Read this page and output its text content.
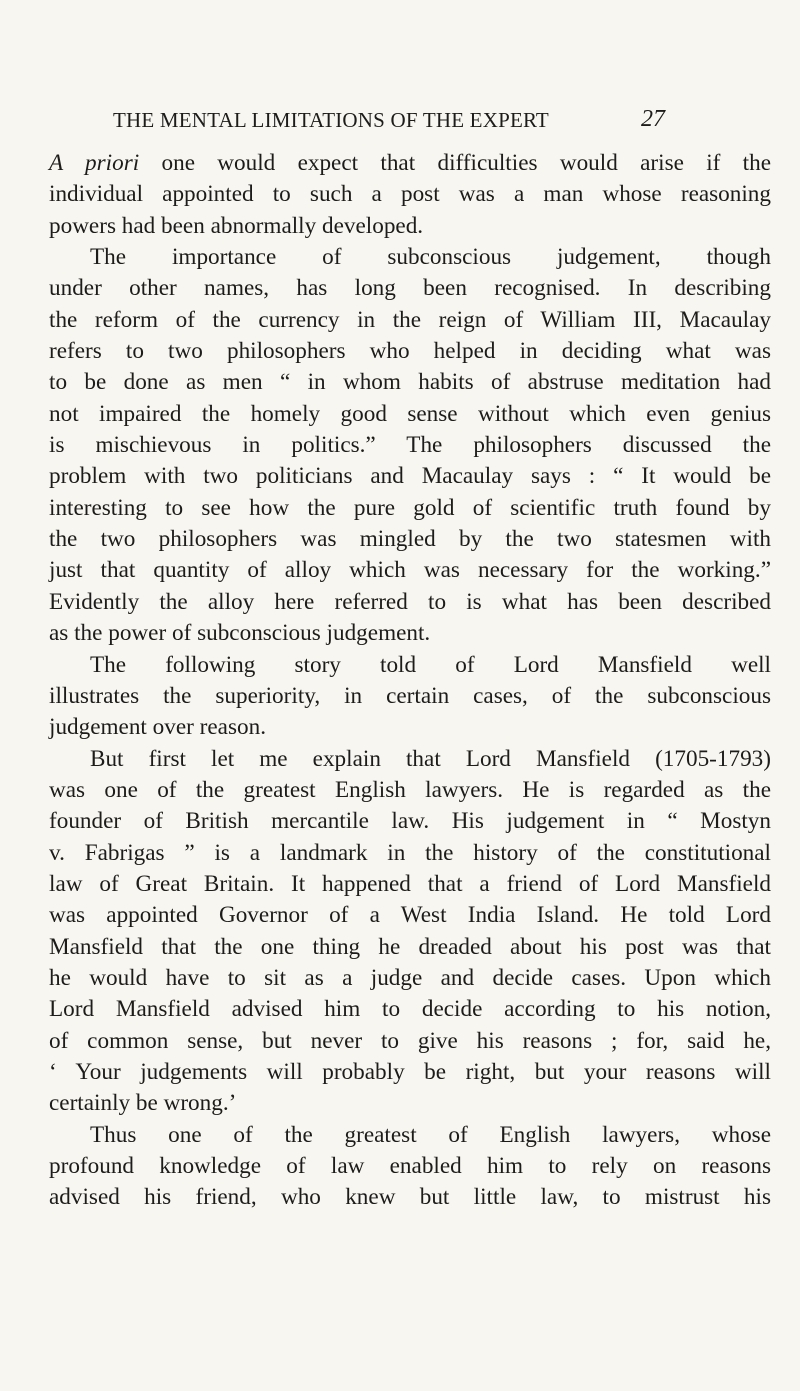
THE MENTAL LIMITATIONS OF THE EXPERT	27
A priori one would expect that difficulties would arise if the
individual appointed to such a post was a man whose reasoning
powers had been abnormally developed.
The importance of subconscious judgement, though
under other names, has long been recognised. In describing
the reform of the currency in the reign of William III, Macaulay
refers to two philosophers who helped in deciding what was
to be done as men “ in whom habits of abstruse meditation had
not impaired the homely good sense without which even genius
is mischievous in politics.” The philosophers discussed the
problem with two politicians and Macaulay says : “ It would be
interesting to see how the pure gold of scientific truth found by
the two philosophers was mingled by the two statesmen with
just that quantity of alloy which was necessary for the working.”
Evidently the alloy here referred to is what has been described
as the power of subconscious judgement.
The following story told of Lord Mansfield well
illustrates the superiority, in certain cases, of the subconscious
judgement over reason.
But first let me explain that Lord Mansfield (1705-1793)
was one of the greatest English lawyers. He is regarded as the
founder of British mercantile law. His judgement in “ Mostyn
v. Fabrigas ” is a landmark in the history of the constitutional
law of Great Britain. It happened that a friend of Lord Mansfield
was appointed Governor of a West India Island. He told Lord
Mansfield that the one thing he dreaded about his post was that
he would have to sit as a judge and decide cases. Upon which
Lord Mansfield advised him to decide according to his notion,
of common sense, but never to give his reasons ; for, said he,
‘ Your judgements will probably be right, but your reasons will
certainly be wrong.’
Thus one of the greatest of English lawyers, whose
profound knowledge of law enabled him to rely on reasons
advised his friend, who knew but little law, to mistrust his
